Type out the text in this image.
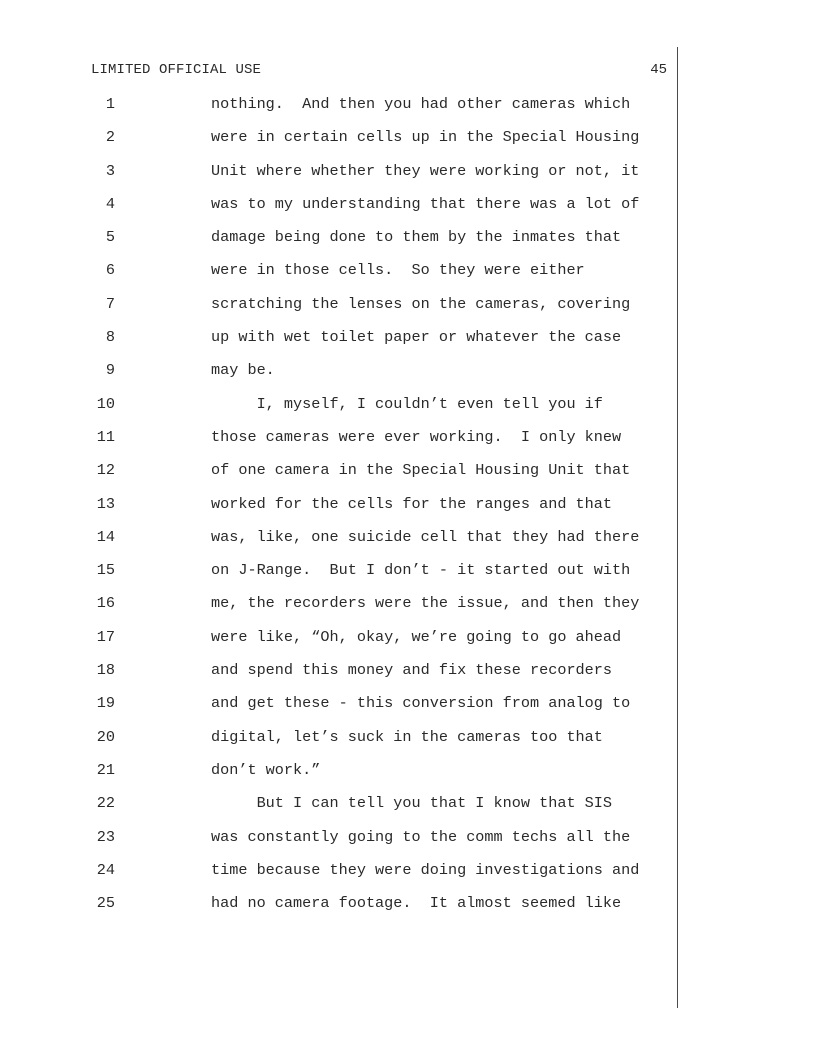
LIMITED OFFICIAL USE	45
1	nothing.  And then you had other cameras which
2	were in certain cells up in the Special Housing
3	Unit where whether they were working or not, it
4	was to my understanding that there was a lot of
5	damage being done to them by the inmates that
6	were in those cells.  So they were either
7	scratching the lenses on the cameras, covering
8	up with wet toilet paper or whatever the case
9	may be.
10	I, myself, I couldn’t even tell you if
11	those cameras were ever working.  I only knew
12	of one camera in the Special Housing Unit that
13	worked for the cells for the ranges and that
14	was, like, one suicide cell that they had there
15	on J-Range.  But I don’t - it started out with
16	me, the recorders were the issue, and then they
17	were like, “Oh, okay, we’re going to go ahead
18	and spend this money and fix these recorders
19	and get these - this conversion from analog to
20	digital, let’s suck in the cameras too that
21	don’t work.”
22	But I can tell you that I know that SIS
23	was constantly going to the comm techs all the
24	time because they were doing investigations and
25	had no camera footage.  It almost seemed like
